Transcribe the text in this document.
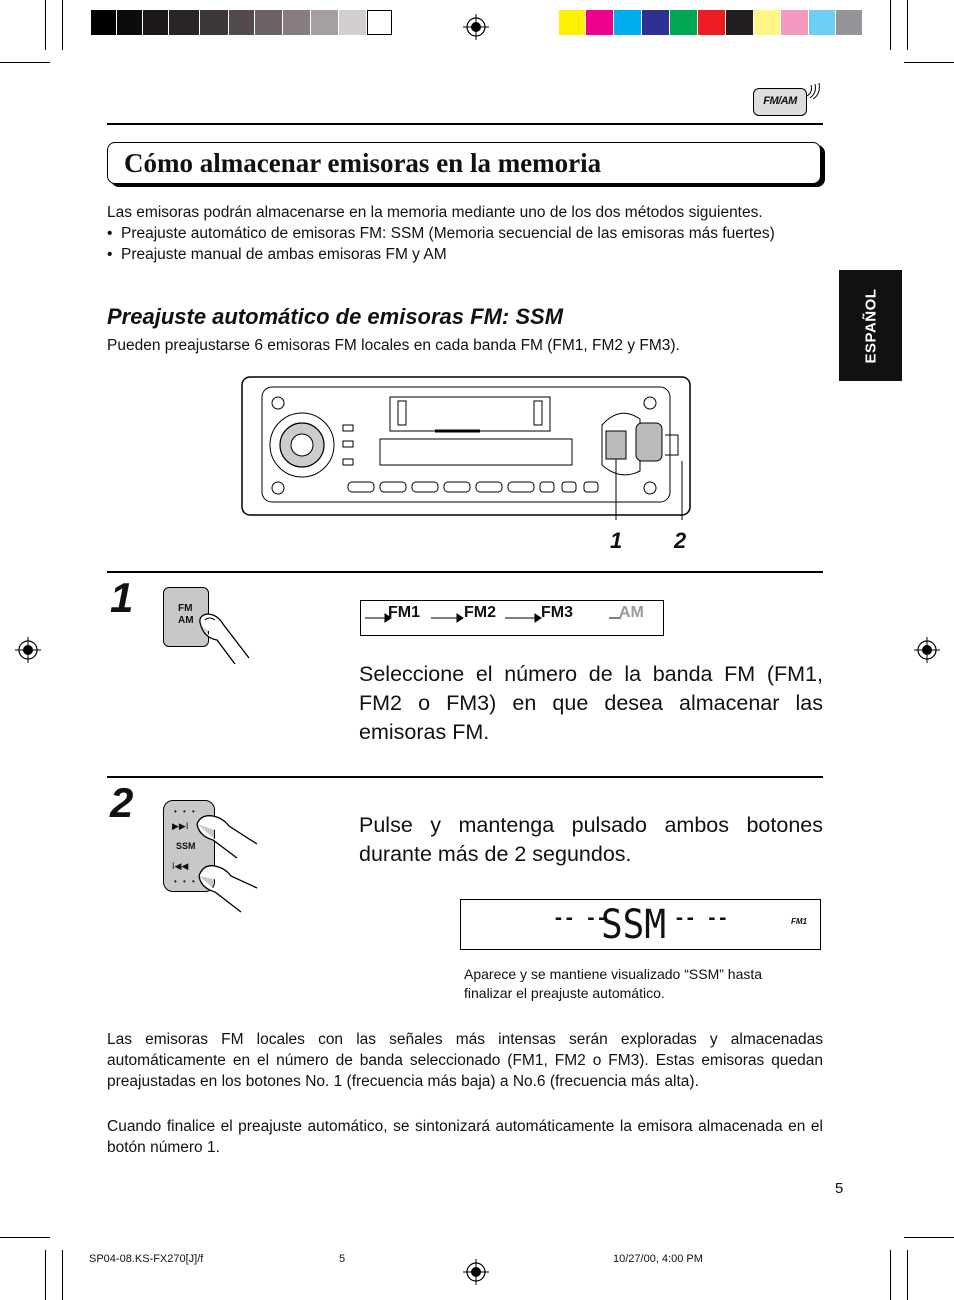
FM/AM
Cómo almacenar emisoras en la memoria
Las emisoras podrán almacenarse en la memoria mediante uno de los dos métodos siguientes.
• Preajuste automático de emisoras FM: SSM (Memoria secuencial de las emisoras más fuertes)
• Preajuste manual de ambas emisoras FM y AM
ESPAÑOL
Preajuste automático de emisoras FM: SSM
Pueden preajustarse 6 emisoras FM locales en cada banda FM (FM1, FM2 y FM3).
1 2
1	FM
AM	FM1	FM2	FM3	AM
Seleccione el número de la banda FM (FM1, FM2 o FM3) en que desea almacenar las emisoras FM.
2	• • •
▶▶I
SSM
I◀◀
• • •
Pulse y mantenga pulsado ambos botones durante más de 2 segundos.
-- --
SSM -- --	FM1
Aparece y se mantiene visualizado “SSM” hasta finalizar el preajuste automático.
Las emisoras FM locales con las señales más intensas serán exploradas y almacenadas automáticamente en el número de banda seleccionado (FM1, FM2 o FM3). Estas emisoras quedan preajustadas en los botones No. 1 (frecuencia más baja) a No.6 (frecuencia más alta).
Cuando finalice el preajuste automático, se sintonizará automáticamente la emisora almacenada en el botón número 1.
5
SP04-08.KS-FX270[J]/f	5	10/27/00, 4:00 PM
